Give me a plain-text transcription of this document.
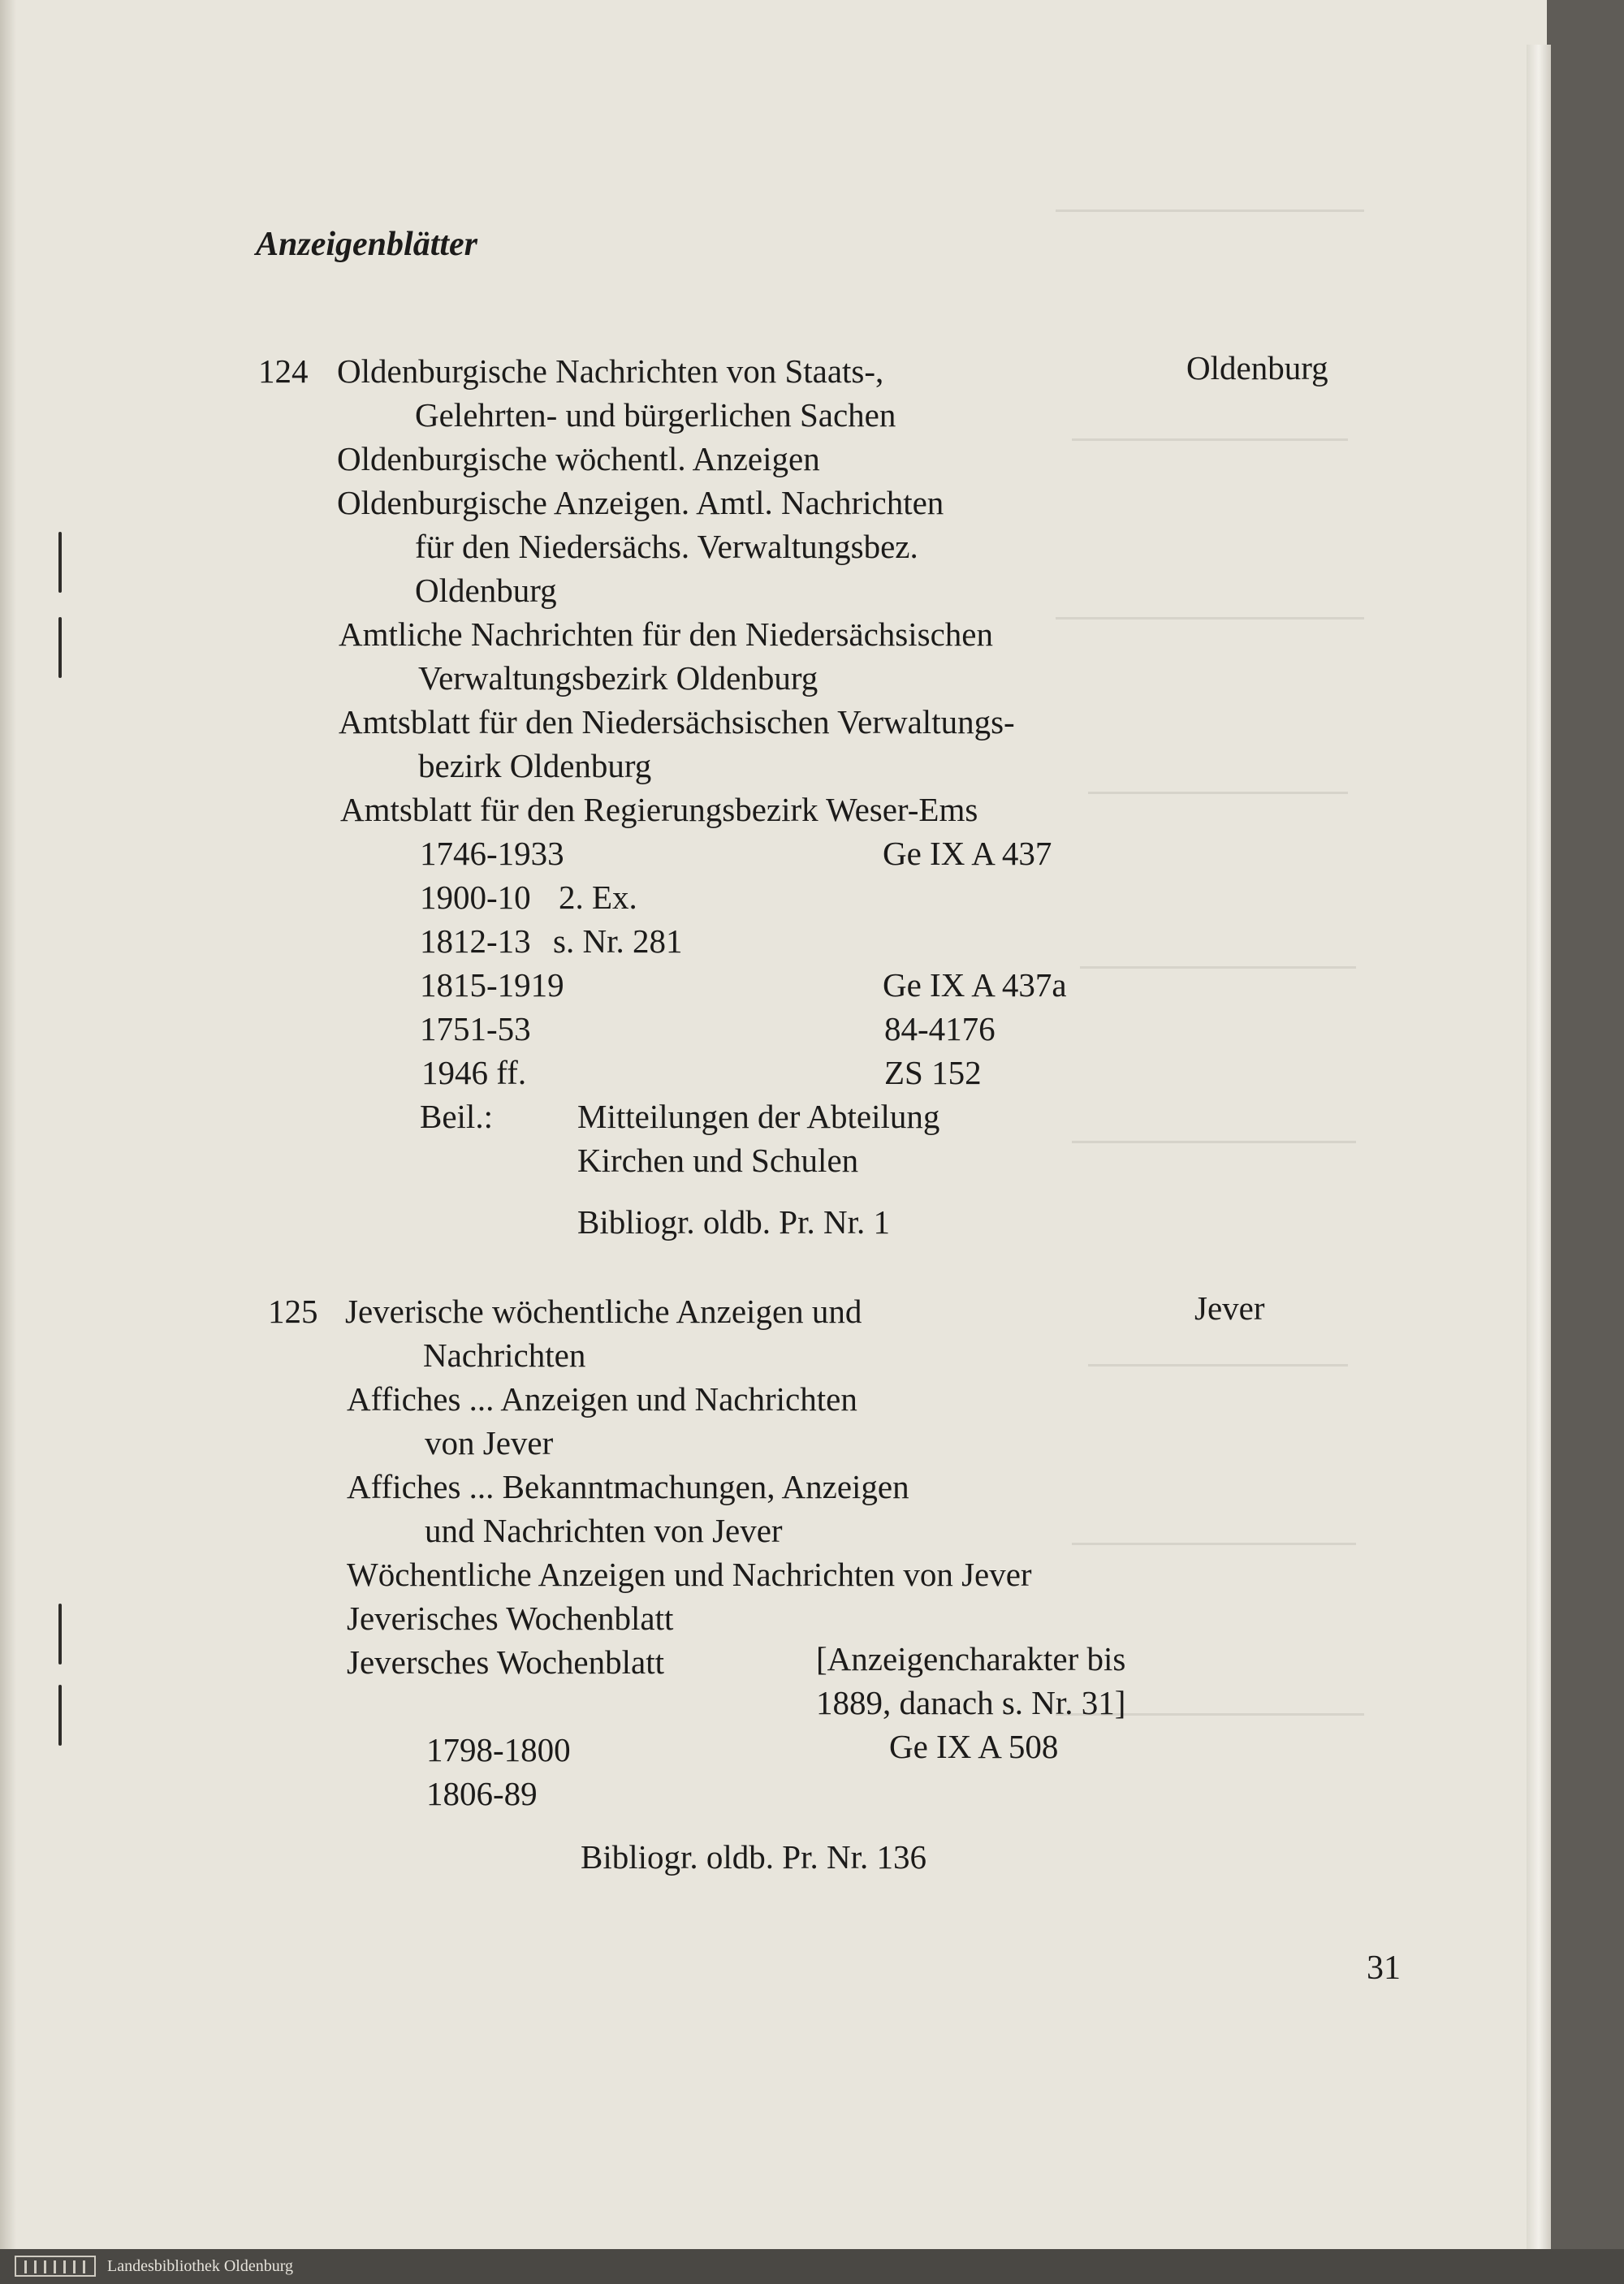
Anzeigenblätter
124	Oldenburg
Oldenburgische Nachrichten von Staats-,
Gelehrten- und bürgerlichen Sachen
Oldenburgische wöchentl. Anzeigen
Oldenburgische Anzeigen. Amtl. Nachrichten
für den Niedersächs. Verwaltungsbez.
Oldenburg
Amtliche Nachrichten für den Niedersächsischen
Verwaltungsbezirk Oldenburg
Amtsblatt für den Niedersächsischen Verwaltungs-
bezirk Oldenburg
Amtsblatt für den Regierungsbezirk Weser-Ems
1746-1933	Ge IX A 437
1900-10 2. Ex.
1812-13 s. Nr. 281
1815-1919	Ge IX A 437a
1751-53	84-4176
1946 ff.	ZS 152
Beil.:	Mitteilungen der Abteilung
Kirchen und Schulen
Bibliogr. oldb. Pr. Nr. 1
125	Jever
Jeverische wöchentliche Anzeigen und
Nachrichten
Affiches ... Anzeigen und Nachrichten
von Jever
Affiches ... Bekanntmachungen, Anzeigen
und Nachrichten von Jever
Wöchentliche Anzeigen und Nachrichten von Jever
Jeverisches Wochenblatt
Jeversches Wochenblatt	[Anzeigencharakter bis
1889, danach s. Nr. 31]
1798-1800	Ge IX A 508
1806-89
Bibliogr. oldb. Pr. Nr. 136
31
Landesbibliothek Oldenburg
